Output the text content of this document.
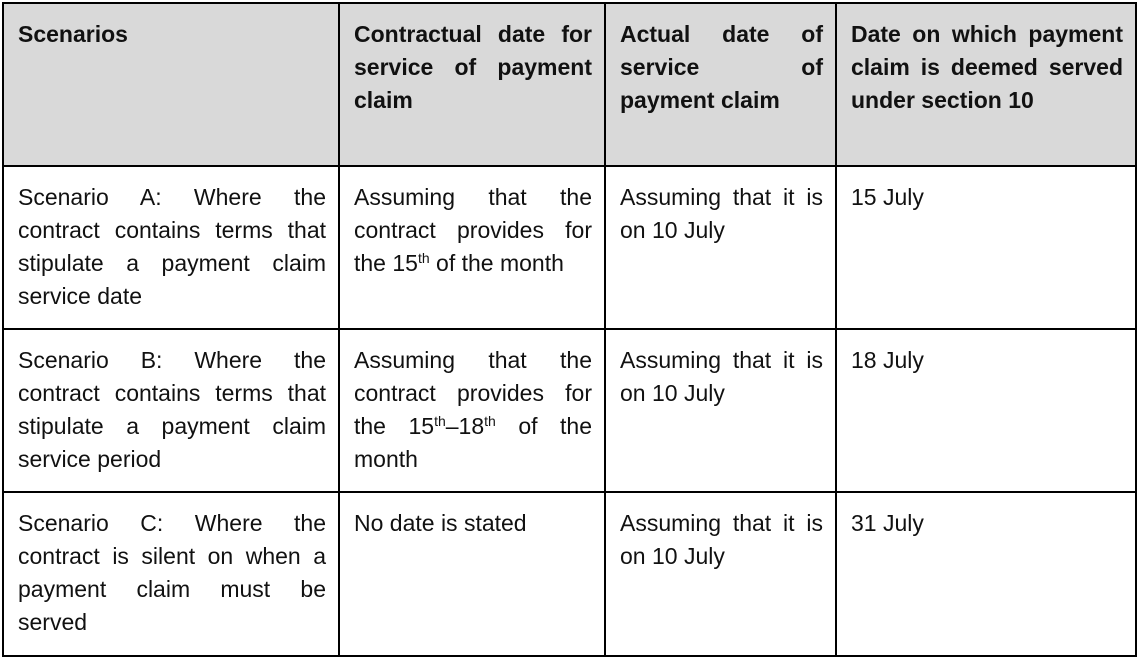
Scenarios	Contractual date for service of payment claim	Actual date of service of payment claim	Date on which payment claim is deemed served under section 10
Scenario A: Where the contract contains terms that stipulate a payment claim service date	Assuming that the contract provides for the 15th of the month	Assuming that it is on 10 July	15 July
Scenario B: Where the contract contains terms that stipulate a payment claim service period	Assuming that the contract provides for the 15th–18th of the month	Assuming that it is on 10 July	18 July
Scenario C: Where the contract is silent on when a payment claim must be served	No date is stated	Assuming that it is on 10 July	31 July
